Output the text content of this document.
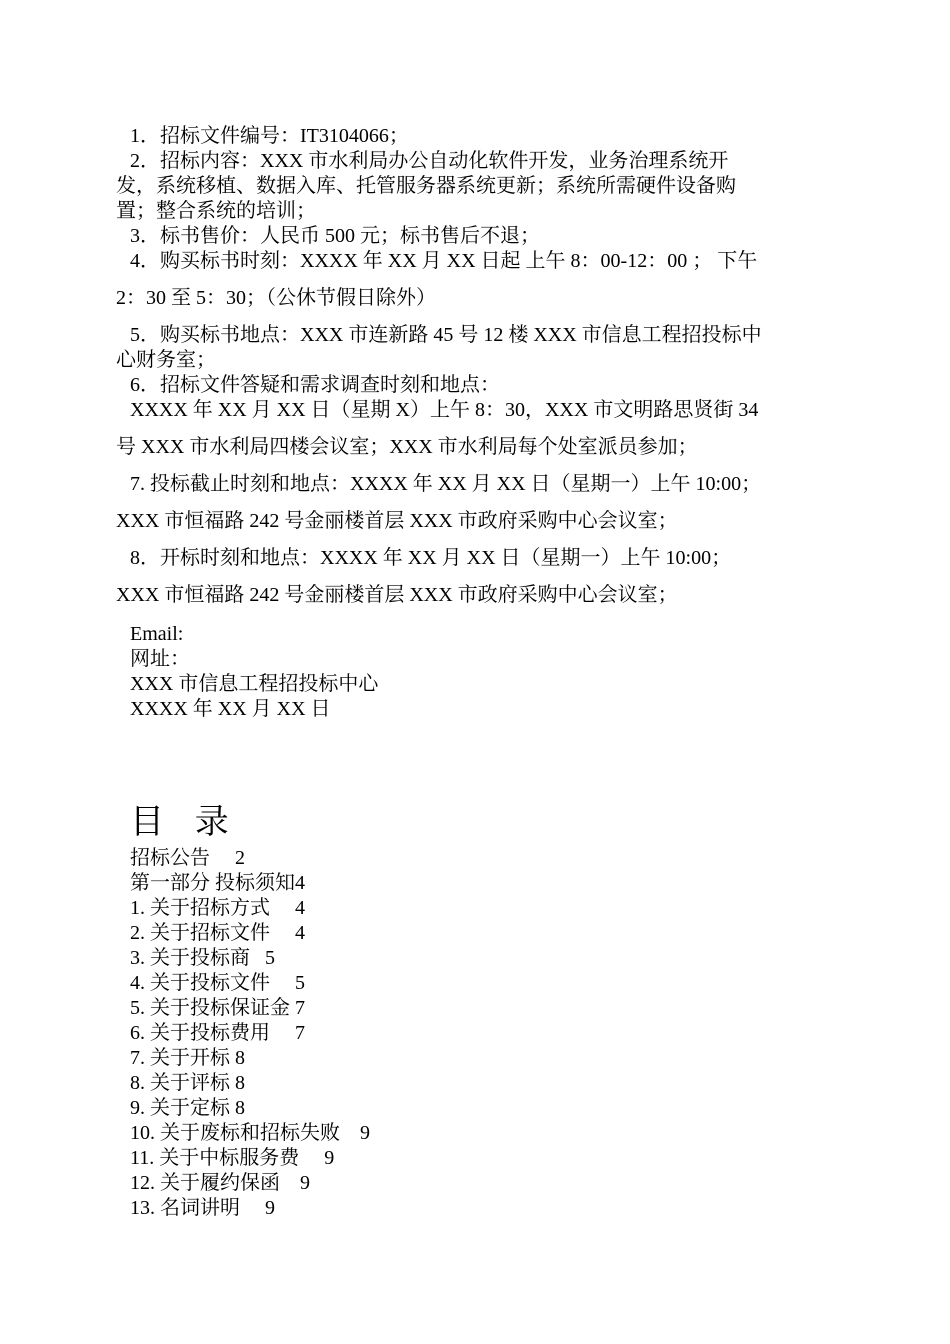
1．招标文件编号：IT3104066；
2．招标内容：XXX 市水利局办公自动化软件开发，业务治理系统开
发，系统移植、数据入库、托管服务器系统更新；系统所需硬件设备购
置；整合系统的培训；
3．标书售价：人民币 500 元；标书售后不退；
4．购买标书时刻：XXXX 年 XX 月 XX 日起 上午 8：00-12：00 ； 下午
2：30 至 5：30；（公休节假日除外）
5．购买标书地点：XXX 市连新路 45 号 12 楼 XXX 市信息工程招投标中
心财务室；
6．招标文件答疑和需求调查时刻和地点：
XXXX 年 XX 月 XX 日（星期 X）上午 8：30，XXX 市文明路思贤街 34
号 XXX 市水利局四楼会议室；XXX 市水利局每个处室派员参加；
7. 投标截止时刻和地点：XXXX 年 XX 月 XX 日（星期一）上午 10:00；
XXX 市恒福路 242 号金丽楼首层 XXX 市政府采购中心会议室；
8．开标时刻和地点：XXXX 年 XX 月 XX 日（星期一）上午 10:00；
XXX 市恒福路 242 号金丽楼首层 XXX 市政府采购中心会议室；
Email:
网址：
XXX 市信息工程招投标中心
XXXX 年 XX 月 XX 日
目 录
招标公告     2
第一部分 投标须知4
1. 关于招标方式     4
2. 关于招标文件     4
3. 关于投标商   5
4. 关于投标文件     5
5. 关于投标保证金 7
6. 关于投标费用     7
7. 关于开标 8
8. 关于评标 8
9. 关于定标 8
10. 关于废标和招标失败    9
11. 关于中标服务费     9
12. 关于履约保函    9
13. 名词讲明     9
